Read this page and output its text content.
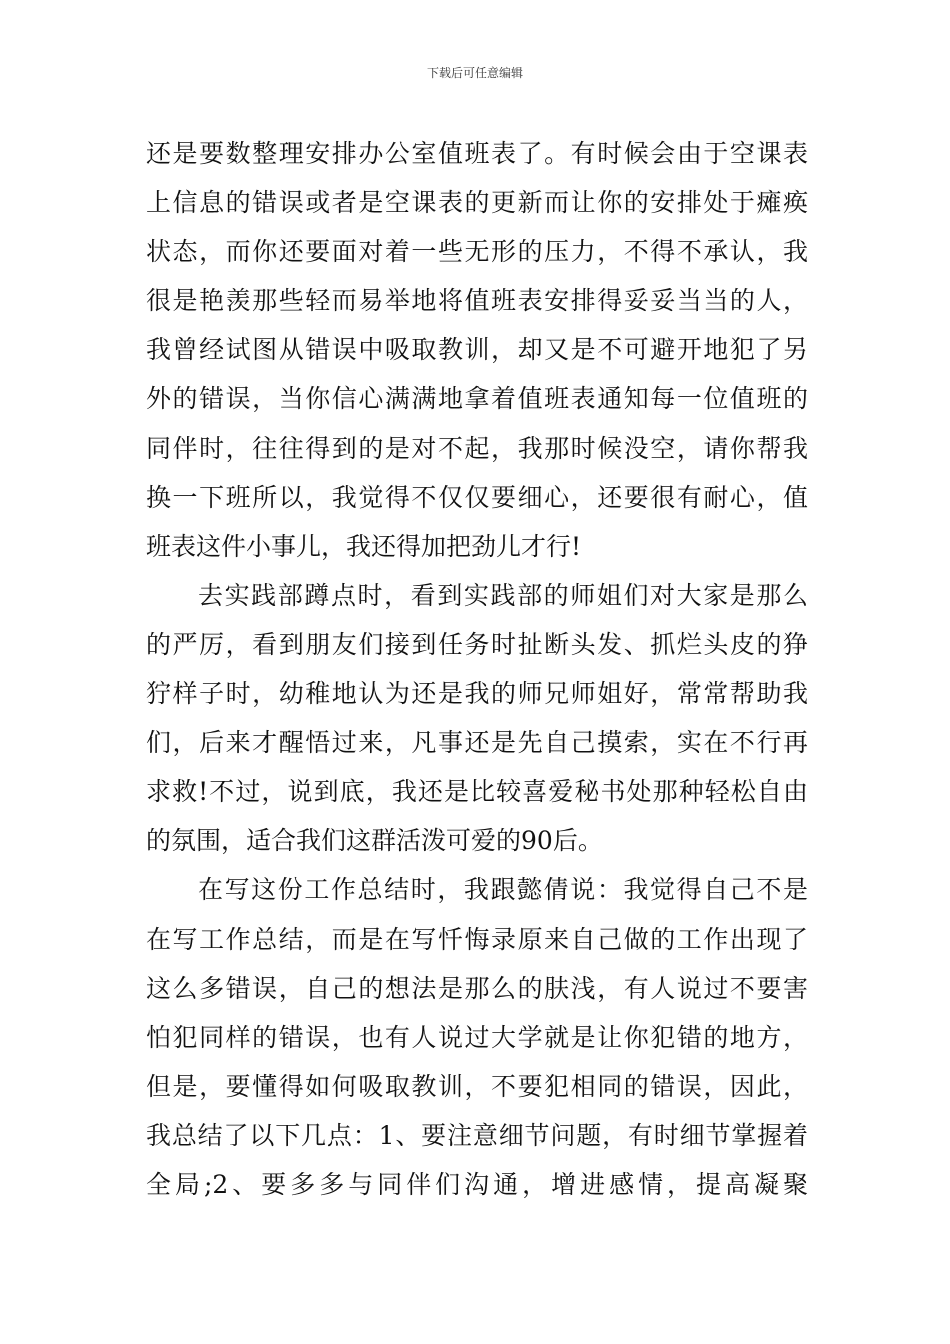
下载后可任意编辑
还是要数整理安排办公室值班表了。有时候会由于空课表
上信息的错误或者是空课表的更新而让你的安排处于瘫痪
状态，而你还要面对着一些无形的压力，不得不承认，我
很是艳羡那些轻而易举地将值班表安排得妥妥当当的人，
我曾经试图从错误中吸取教训，却又是不可避开地犯了另
外的错误，当你信心满满地拿着值班表通知每一位值班的
同伴时，往往得到的是对不起，我那时候没空，请你帮我
换一下班所以，我觉得不仅仅要细心，还要很有耐心，值
班表这件小事儿，我还得加把劲儿才行!
去实践部蹲点时，看到实践部的师姐们对大家是那么
的严厉，看到朋友们接到任务时扯断头发、抓烂头皮的狰
狞样子时，幼稚地认为还是我的师兄师姐好，常常帮助我
们，后来才醒悟过来，凡事还是先自己摸索，实在不行再
求救!不过，说到底，我还是比较喜爱秘书处那种轻松自由
的氛围，适合我们这群活泼可爱的90后。
在写这份工作总结时，我跟懿倩说：我觉得自己不是
在写工作总结，而是在写忏悔录原来自己做的工作出现了
这么多错误，自己的想法是那么的肤浅，有人说过不要害
怕犯同样的错误，也有人说过大学就是让你犯错的地方，
但是，要懂得如何吸取教训，不要犯相同的错误，因此，
我总结了以下几点：1、要注意细节问题，有时细节掌握着
全局;2、要多多与同伴们沟通，增进感情，提高凝聚
